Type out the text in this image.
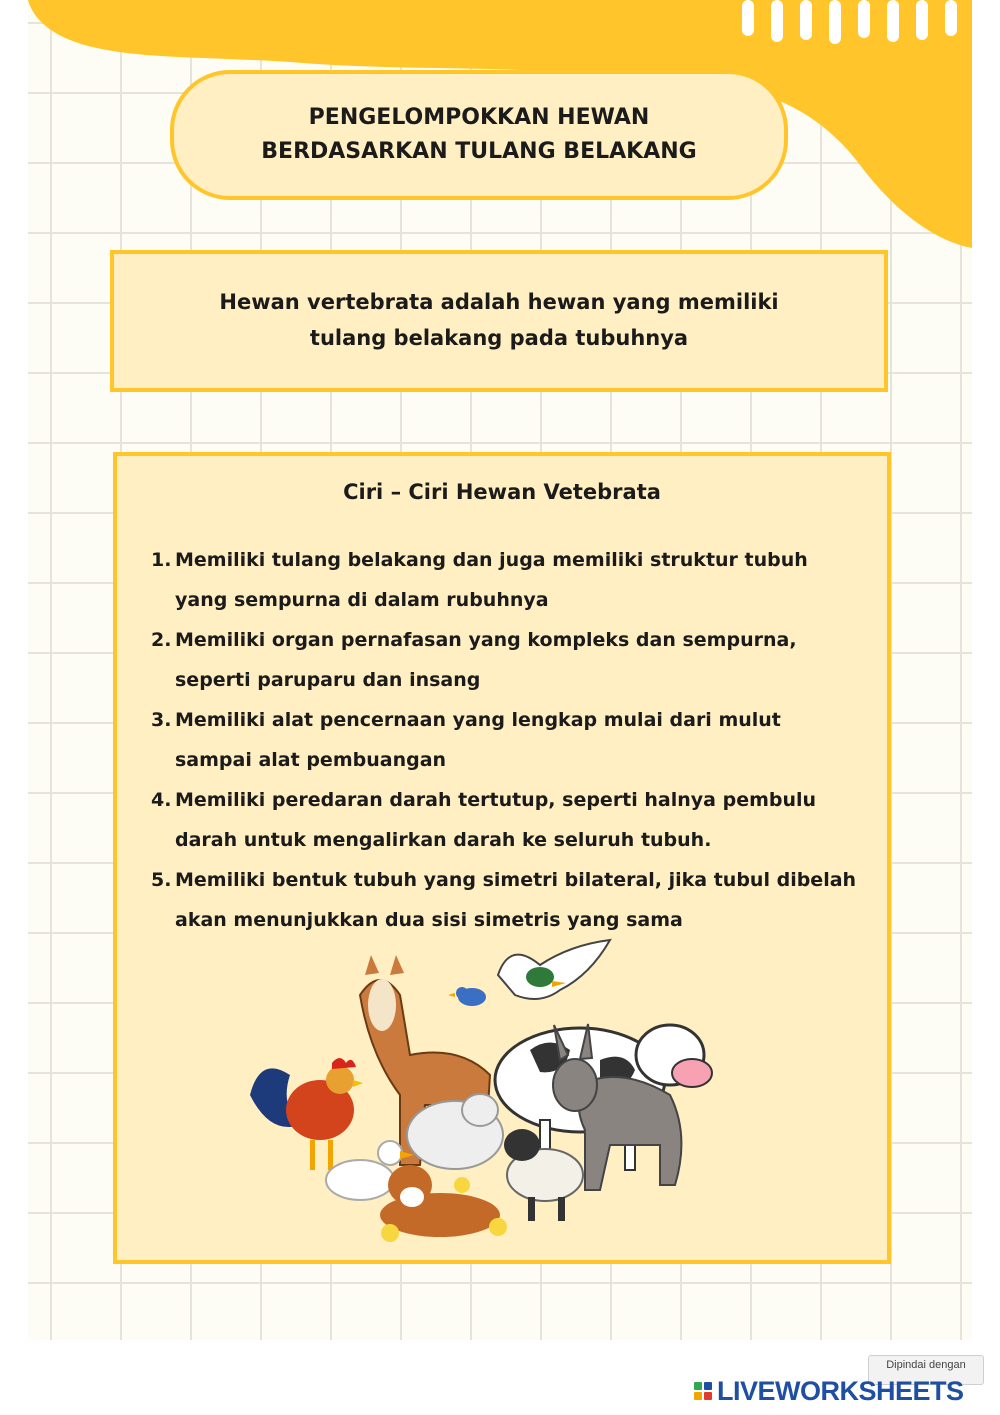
PENGELOMPOKKAN HEWAN BERDASARKAN TULANG BELAKANG

Hewan vertebrata adalah hewan yang memiliki tulang belakang pada tubuhnya

Ciri – Ciri Hewan Vetebrata
1. Memiliki tulang belakang dan juga memiliki struktur tubuh yang sempurna di dalam rubuhnya
2. Memiliki organ pernafasan yang kompleks dan sempurna, seperti paruparu dan insang
3. Memiliki alat pencernaan yang lengkap mulai dari mulut sampai alat pembuangan
4. Memiliki peredaran darah tertutup, seperti halnya pembulu darah untuk mengalirkan darah ke seluruh tubuh.
5. Memiliki bentuk tubuh yang simetri bilateral, jika tubul dibelah akan menunjukkan dua sisi simetris yang sama
Dipindai dengan
LIVEWORKSHEETS
